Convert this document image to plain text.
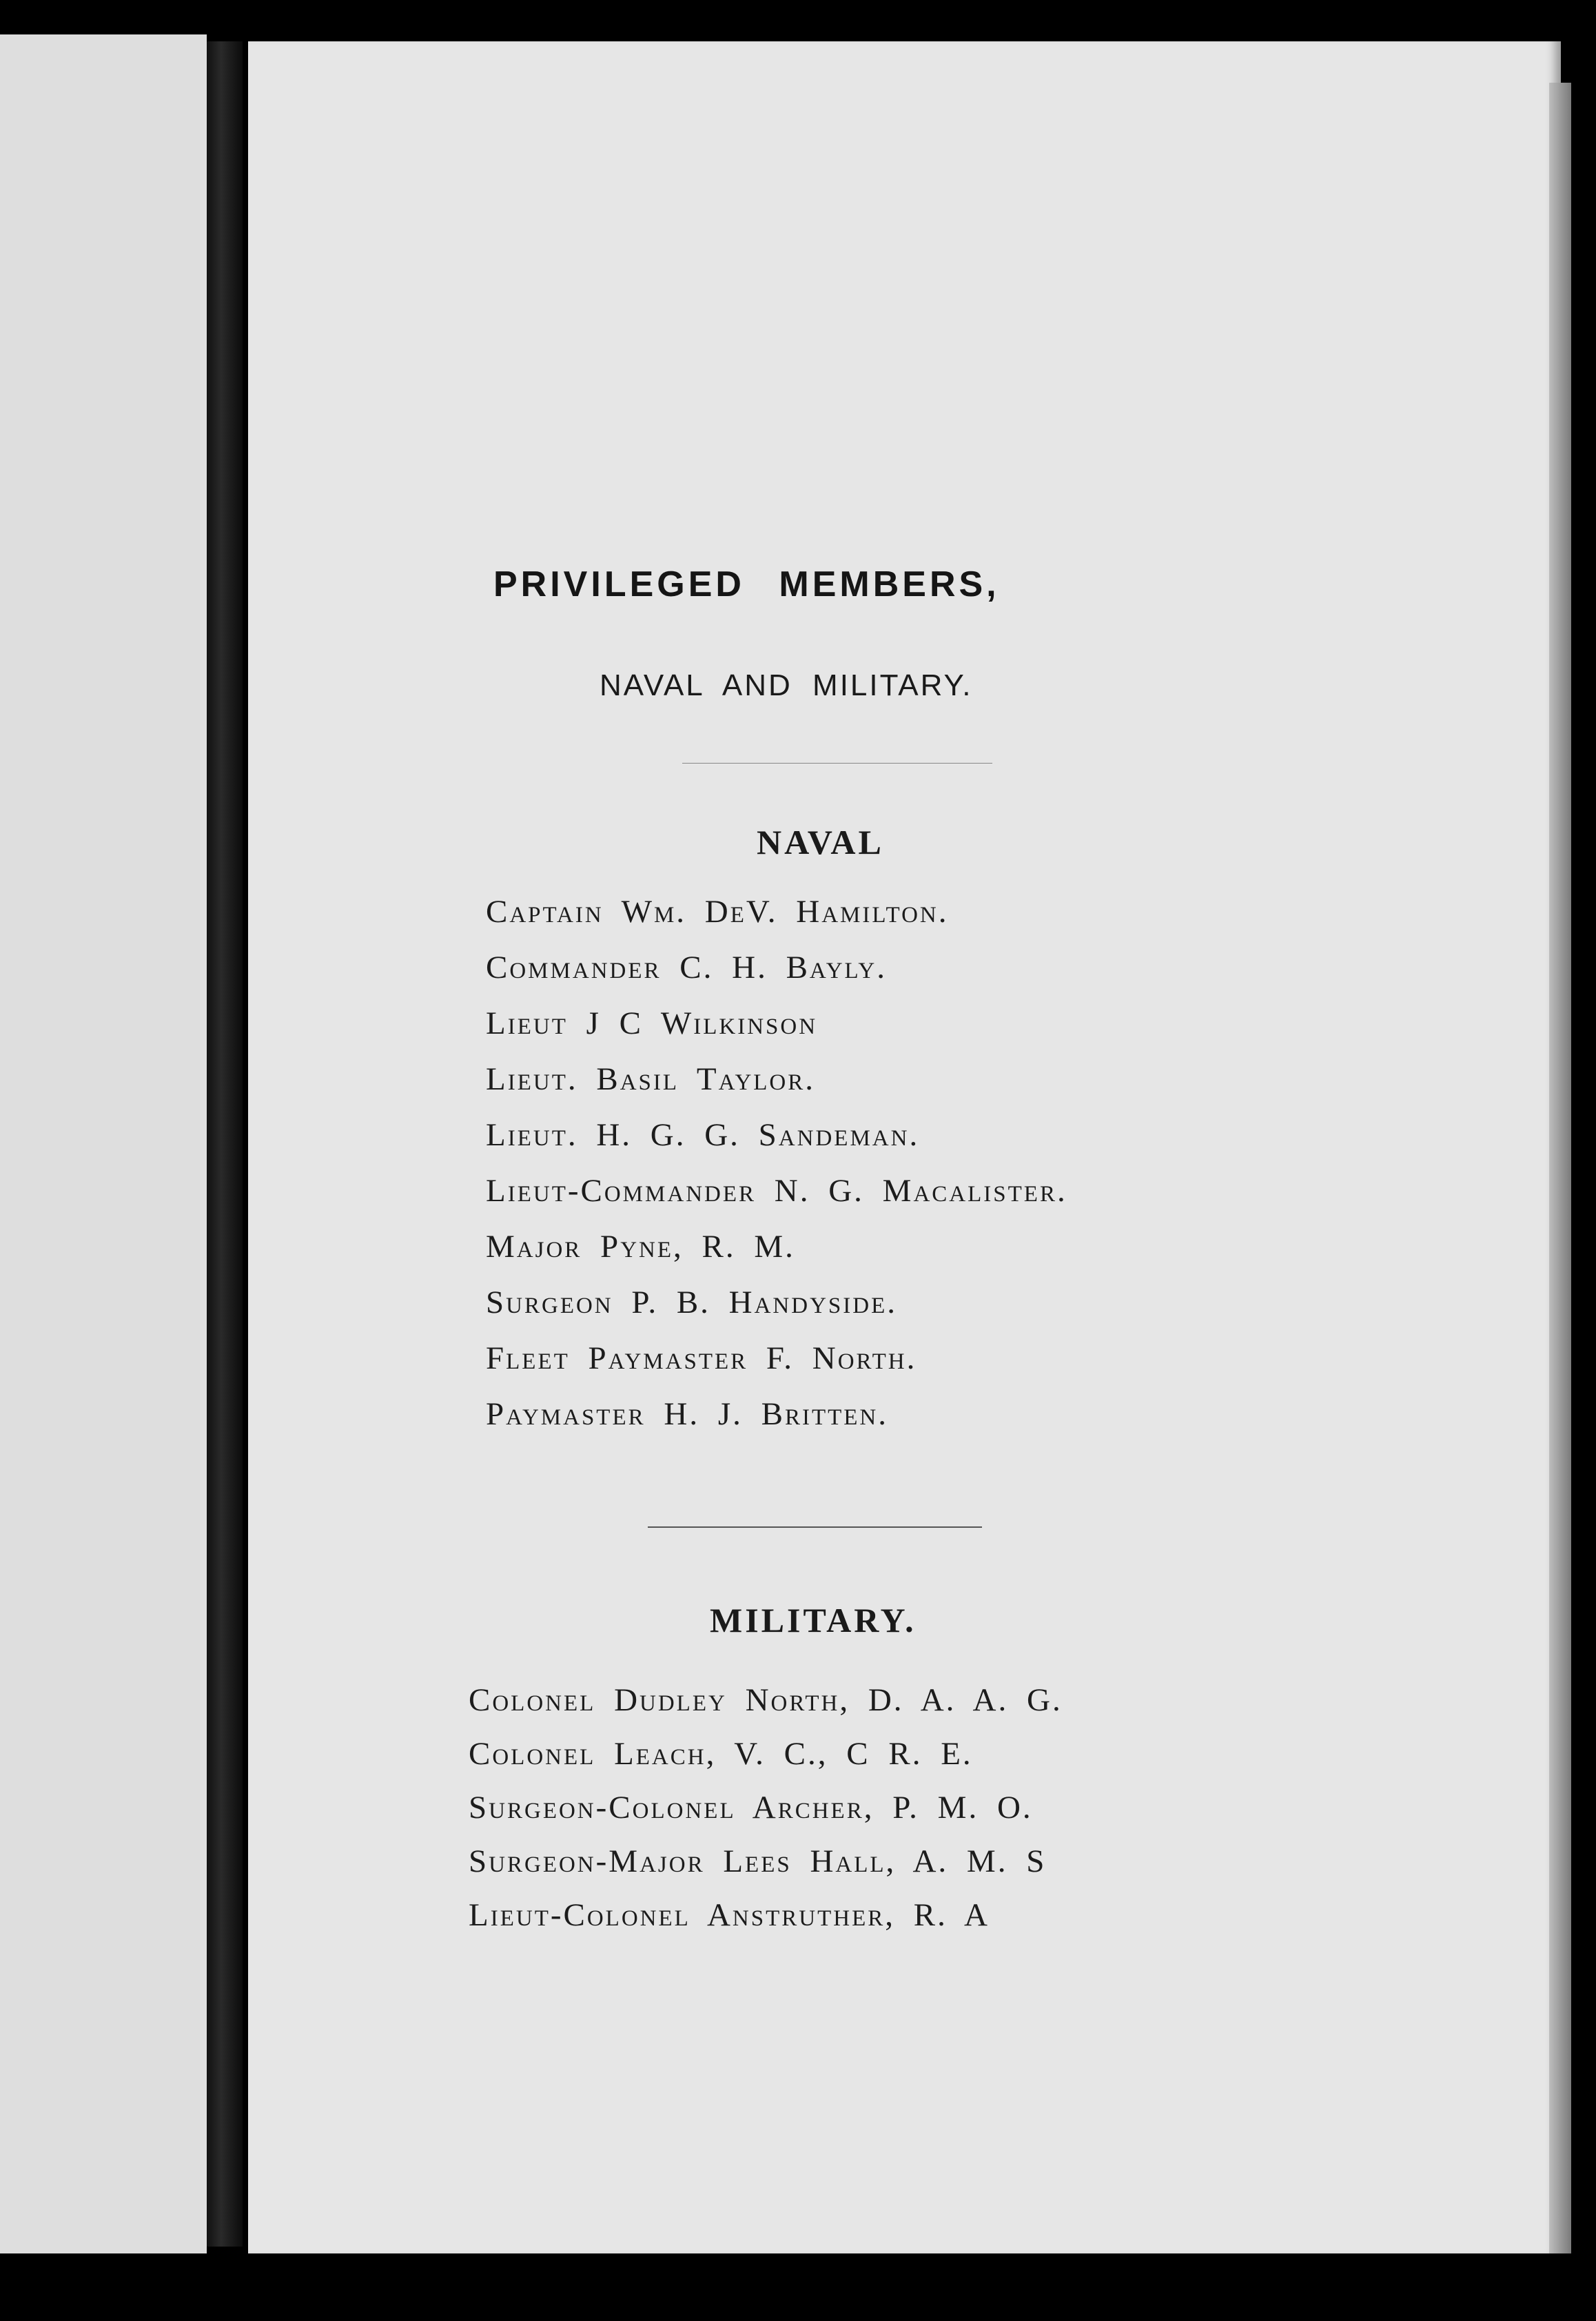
PRIVILEGED MEMBERS,
NAVAL AND MILITARY.
NAVAL
Captain Wm. DeV. Hamilton.
Commander C. H. Bayly.
Lieut J C Wilkinson
Lieut. Basil Taylor.
Lieut. H. G. G. Sandeman.
Lieut-Commander N. G. Macalister.
Major Pyne, R. M.
Surgeon P. B. Handyside.
Fleet Paymaster F. North.
Paymaster H. J. Britten.
MILITARY.
Colonel Dudley North, D. A. A. G.
Colonel Leach, V. C., C R. E.
Surgeon-Colonel Archer, P. M. O.
Surgeon-Major Lees Hall, A. M. S
Lieut-Colonel Anstruther, R. A
